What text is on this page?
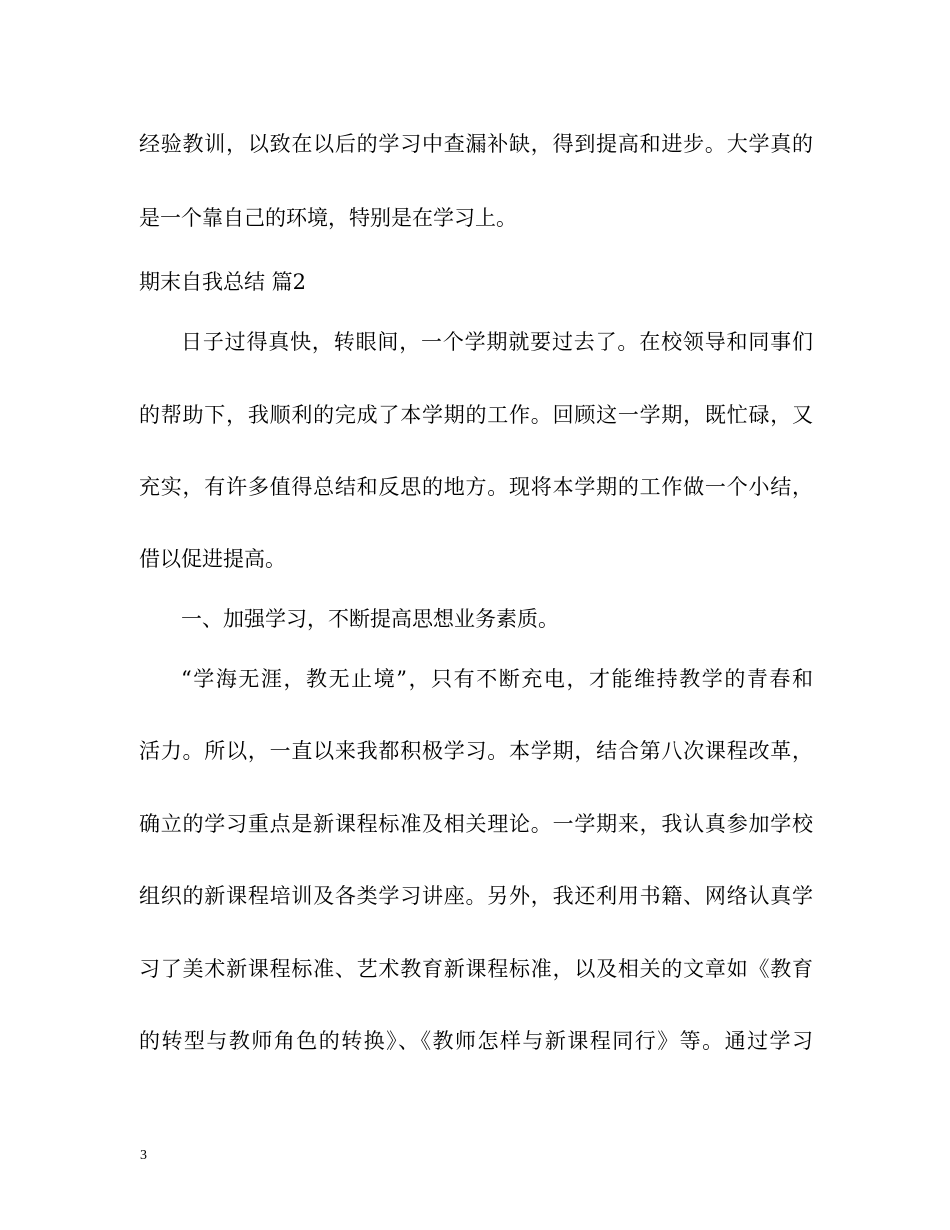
经验教训，以致在以后的学习中查漏补缺，得到提高和进步。大学真的
是一个靠自己的环境，特别是在学习上。
期末自我总结 篇2
日子过得真快，转眼间，一个学期就要过去了。在校领导和同事们
的帮助下，我顺利的完成了本学期的工作。回顾这一学期，既忙碌，又
充实，有许多值得总结和反思的地方。现将本学期的工作做一个小结，
借以促进提高。
一、加强学习，不断提高思想业务素质。
“学海无涯，教无止境”，只有不断充电，才能维持教学的青春和
活力。所以，一直以来我都积极学习。本学期，结合第八次课程改革，
确立的学习重点是新课程标准及相关理论。一学期来，我认真参加学校
组织的新课程培训及各类学习讲座。另外，我还利用书籍、网络认真学
习了美术新课程标准、艺术教育新课程标准，以及相关的文章如《教育
的转型与教师角色的转换》、《教师怎样与新课程同行》等。通过学习
3
